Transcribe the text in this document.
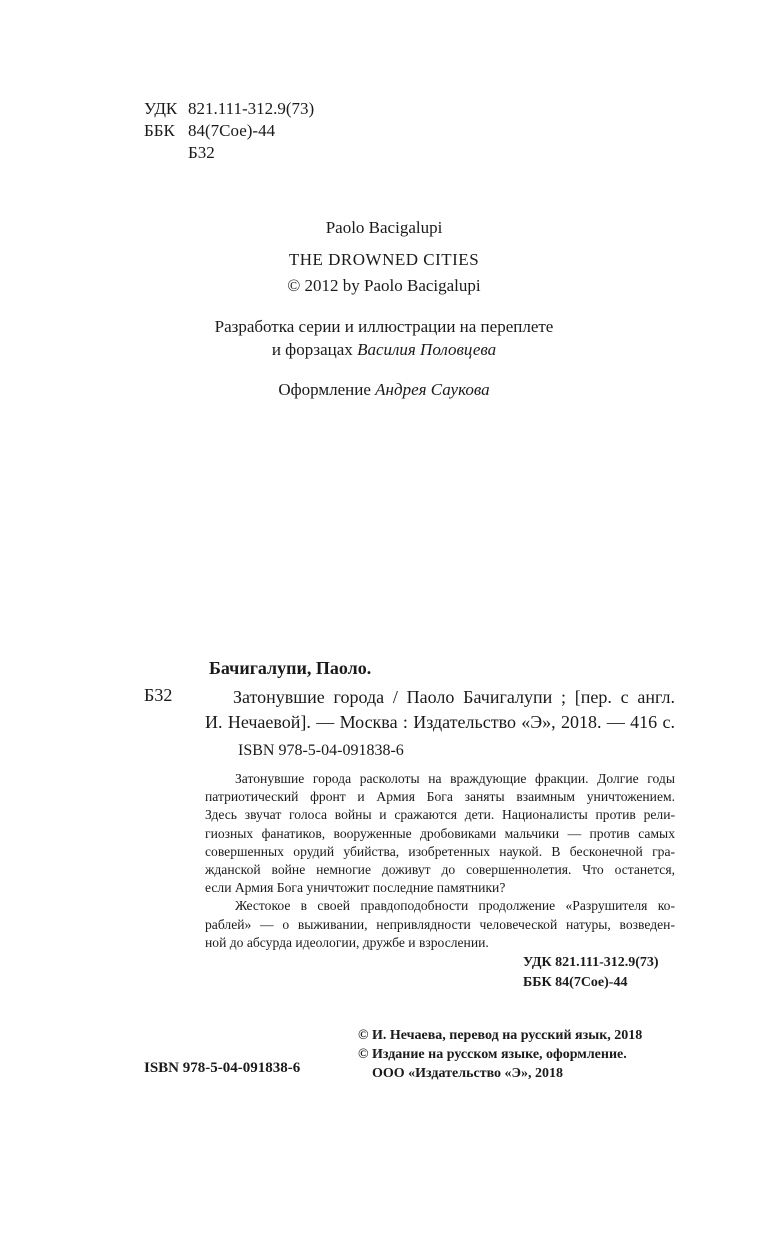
УДК 821.111-312.9(73)
ББК 84(7Сое)-44
Б32
Paolo Bacigalupi
THE DROWNED CITIES
© 2012 by Paolo Bacigalupi
Разработка серии и иллюстрации на переплете
и форзацах Василия Половцева
Оформление Андрея Саукова
Бачигалупи, Паоло.
Б32	Затонувшие города / Паоло Бачигалупи ; [пер. с англ.
И. Нечаевой]. — Москва : Издательство «Э», 2018. — 416 с.
ISBN 978-5-04-091838-6

Затонувшие города расколоты на враждующие фракции. Долгие годы
патриотический фронт и Армия Бога заняты взаимным уничтожением.
Здесь звучат голоса войны и сражаются дети. Националисты против рели-
гиозных фанатиков, вооруженные дробовиками мальчики — против самых
совершенных орудий убийства, изобретенных наукой. В бесконечной гра-
жданской войне немногие доживут до совершеннолетия. Что останется,
если Армия Бога уничтожит последние памятники?

Жестокое в своей правдоподобности продолжение «Разрушителя ко-
раблей» — о выживании, непривлядности человеческой натуры, возведен-
ной до абсурда идеологии, дружбе и взрослении.

УДК 821.111-312.9(73)
ББК 84(7Сое)-44
© И. Нечаева, перевод на русский язык, 2018
© Издание на русском языке, оформление.
ООО «Издательство «Э», 2018
ISBN 978-5-04-091838-6
